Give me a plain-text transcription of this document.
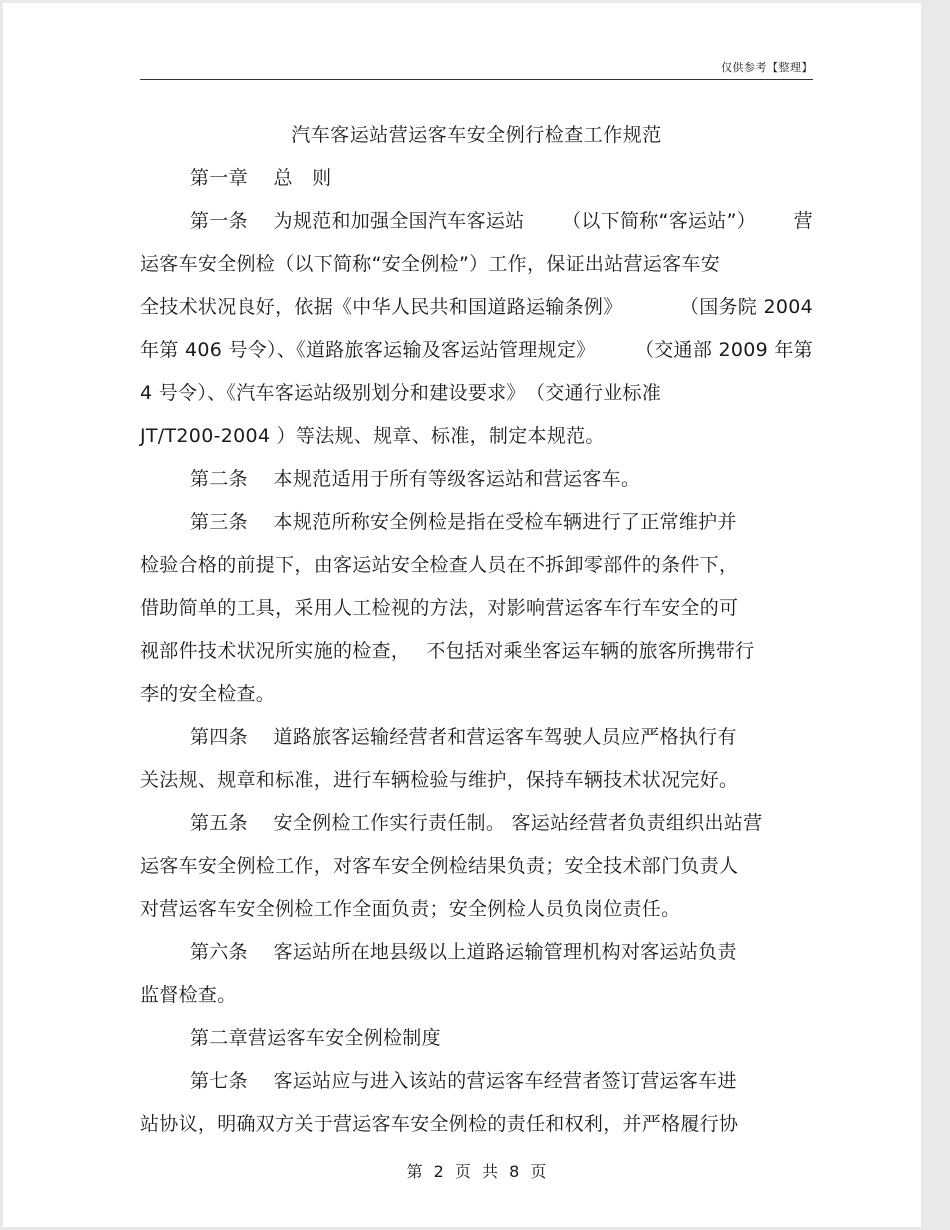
仅供参考【整理】
汽车客运站营运客车安全例行检查工作规范
第一章　 总　则
第一条　 为规范和加强全国汽车客运站 （以下简称“客运站”） 营
运客车安全例检（以下简称“安全例检”）工作，保证出站营运客车安
全技术状况良好，依据《中华人民共和国道路运输条例》	（国务院 2004
年第 406 号令）、《道路旅客运输及客运站管理规定》 （交通部 2009 年第
4 号令）、《汽车客运站级别划分和建设要求》　（交通行业标准
JT/T200-2004 ）等法规、规章、标准，制定本规范。
第二条　 本规范适用于所有等级客运站和营运客车。
第三条　 本规范所称安全例检是指在受检车辆进行了正常维护并
检验合格的前提下，由客运站安全检查人员在不拆卸零部件的条件下，
借助简单的工具，采用人工检视的方法，对影响营运客车行车安全的可
视部件技术状况所实施的检查，　 不包括对乘坐客运车辆的旅客所携带行
李的安全检查。
第四条　 道路旅客运输经营者和营运客车驾驶人员应严格执行有
关法规、规章和标准，进行车辆检验与维护，保持车辆技术状况完好。
第五条　 安全例检工作实行责任制。 客运站经营者负责组织出站营
运客车安全例检工作，对客车安全例检结果负责；安全技术部门负责人
对营运客车安全例检工作全面负责；安全例检人员负岗位责任。
第六条　 客运站所在地县级以上道路运输管理机构对客运站负责
监督检查。
第二章营运客车安全例检制度
第七条　 客运站应与进入该站的营运客车经营者签订营运客车进
站协议，明确双方关于营运客车安全例检的责任和权利，并严格履行协
第 2 页 共 8 页
